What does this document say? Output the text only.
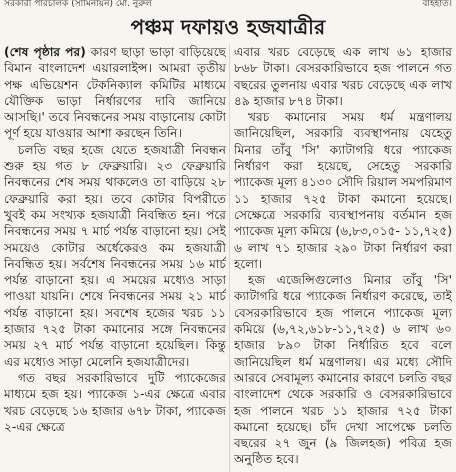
সরকারী পারচালক (সামিনায়ন) মো. নুরুল	বাহহাত।
পঞ্চম দফায়ও হজযাত্রীর

(শেষ পৃষ্ঠার পর) কারণ ছাড়া ভাড়া বাড়িয়েছে বিমান বাংলাদেশ এয়ারলাইন্স। আমরা তৃতীয় পক্ষ এভিয়েশন টেকনিক্যাল কমিটির মাধ্যমে যৌক্তিক ভাড়া নির্ধারণের দাবি জানিয়ে আসছি।' তবে নিবন্ধনের সময় বাড়ানোয় কোটা পূর্ণ হয়ে যাওয়ার আশা করছেন তিনি।

চলতি বছর হজে যেতে হজযাত্রী নিবন্ধন শুরু হয় গত ৮ ফেব্রুয়ারি। ২৩ ফেব্রুয়ারি নিবন্ধনের শেষ সময় থাকলেও তা বাড়িয়ে ২৮ ফেব্রুয়ারি করা হয়। তবে কোটার বিপরীতে খুবই কম সংখ্যক হজযাত্রী নিবন্ধিত হন। পরে নিবন্ধনের সময় ৭ মার্চ পর্যন্ত বাড়ানো হয়। সেই সময়েও কোটার অর্ধেকেরও কম হজযাত্রী নিবন্ধিত হয়। সর্বশেষ নিবন্ধনের সময় ১৬ মার্চ পর্যন্ত বাড়ানো হয়। এ সময়ের মধ্যেও সাড়া পাওয়া যায়নি। শেষে নিবন্ধনের সময় ২১ মার্চ পর্যন্ত বাড়ানো হয়। সবশেষ হজের খরচ ১১ হাজার ৭২৫ টাকা কমানোর সঙ্গে নিবন্ধনের সময় ২৭ মার্চ পর্যন্ত বাড়ানো হয়েছিল। কিন্তু এর মধ্যেও সাড়া মেলেনি হজযাত্রীদের।

গত বছর সরকারিভাবে দুটি প্যাকেজের মাধ্যমে হজ হয়। প্যাকেজ ১-এর ক্ষেত্রে এবার খরচ বেড়েছে ১৬ হাজার ৬৭৮ টাকা, প্যাকেজ ২-এর ক্ষেত্রে

এবার খরচ বেড়েছে এক লাখ ৬১ হাজার ৮৬৮ টাকা। বেসরকারিভাবে হজ পালনে গত বছরের তুলনায় এবার খরচ বেড়েছে এক লাখ ৪৯ হাজার ৮৭৪ টাকা।

খরচ কমানোর সময় ধর্ম মন্ত্রণালয় জানিয়েছিল, সরকারি ব্যবস্থাপনায় যেহেতু মিনার তাঁবু 'সি' ক্যাটাগরি ধরে প্যাকেজ নির্ধারণ করা হয়েছে, সেহেতু সরকারি প্যাকেজ মূল্য ৪১৩০ সৌদি রিয়াল সমপরিমাণ ১১ হাজার ৭২৫ টাকা কমানো হয়েছে। সেক্ষেত্রে সরকারি ব্যবস্থাপনায় বর্তমান হজ প্যাকেজ মূল্য কমিয়ে (৬,৮৩,০১৫- ১১,৭২৫) ৬ লাখ ৭১ হাজার ২৯০ টাকা নির্ধারণ করা হলো।

হজ এজেন্সিগুলোও মিনার তাঁবু 'সি' ক্যাটাগরি ধরে প্যাকেজ নির্ধারণ করেছে, তাই বেসরকারিভাবে হজ পালনে প্যাকেজ মূল্য কমিয়ে (৬,৭২,৬১৮-১১,৭২৫) ৬ লাখ ৬০ হাজার ৮৯০ টাকা নির্ধারিত হবে বলে জানিয়েছিল ধর্ম মন্ত্রণালয়। এর মধ্যে সৌদি আরবে সেবামূল্য কমানোর কারণে চলতি বছর বাংলাদেশ থেকে সরকারি ও বেসরকারিভাবে হজ পালনে খরচ ১১ হাজার ৭২৫ টাকা কমানো হয়েছে। চাঁদ দেখা সাপেক্ষে চলতি বছরের ২৭ জুন (৯ জিলহজ) পবিত্র হজ অনুষ্ঠিত হবে।
